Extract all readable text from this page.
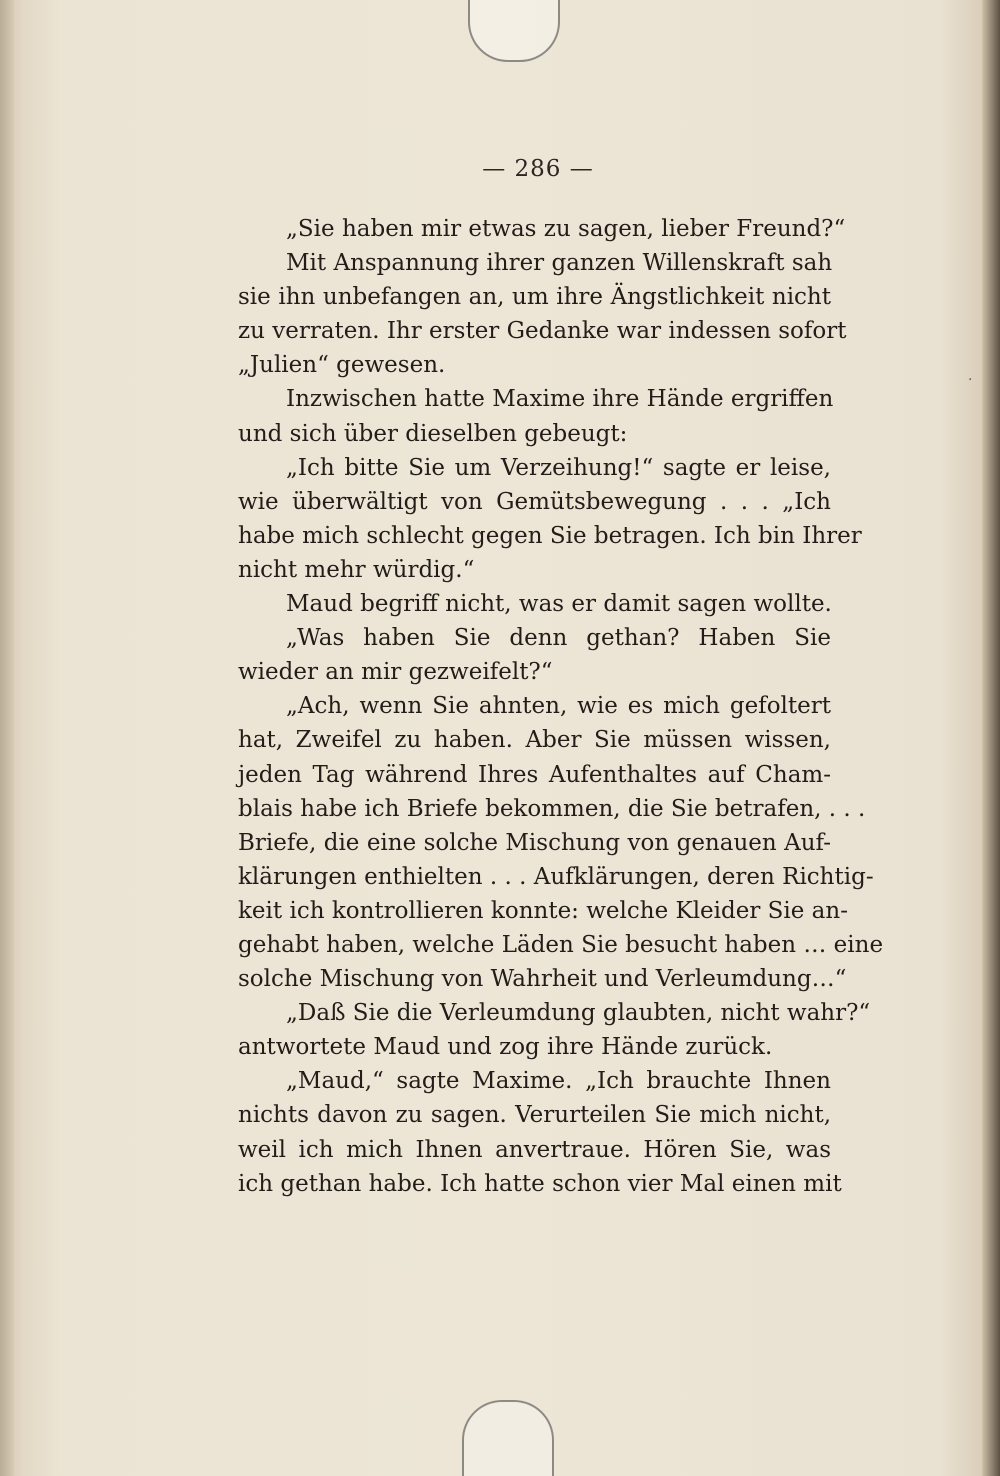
·
— 286 —
„Sie haben mir etwas zu sagen, lieber Freund?“
Mit Anspannung ihrer ganzen Willenskraft sah
sie ihn unbefangen an, um ihre Ängstlichkeit nicht
zu verraten. Ihr erster Gedanke war indessen sofort
„Julien“ gewesen.
Inzwischen hatte Maxime ihre Hände ergriffen
und sich über dieselben gebeugt:
„Ich bitte Sie um Verzeihung!“ sagte er leise,
wie überwältigt von Gemütsbewegung . . . „Ich
habe mich schlecht gegen Sie betragen. Ich bin Ihrer
nicht mehr würdig.“
Maud begriff nicht, was er damit sagen wollte.
„Was haben Sie denn gethan? Haben Sie
wieder an mir gezweifelt?“
„Ach, wenn Sie ahnten, wie es mich gefoltert
hat, Zweifel zu haben. Aber Sie müssen wissen,
jeden Tag während Ihres Aufenthaltes auf Cham-
blais habe ich Briefe bekommen, die Sie betrafen, . . .
Briefe, die eine solche Mischung von genauen Auf-
klärungen enthielten . . . Aufklärungen, deren Richtig-
keit ich kontrollieren konnte: welche Kleider Sie an-
gehabt haben, welche Läden Sie besucht haben … eine
solche Mischung von Wahrheit und Verleumdung…“
„Daß Sie die Verleumdung glaubten, nicht wahr?“
antwortete Maud und zog ihre Hände zurück.
„Maud,“ sagte Maxime. „Ich brauchte Ihnen
nichts davon zu sagen. Verurteilen Sie mich nicht,
weil ich mich Ihnen anvertraue. Hören Sie, was
ich gethan habe. Ich hatte schon vier Mal einen mit
